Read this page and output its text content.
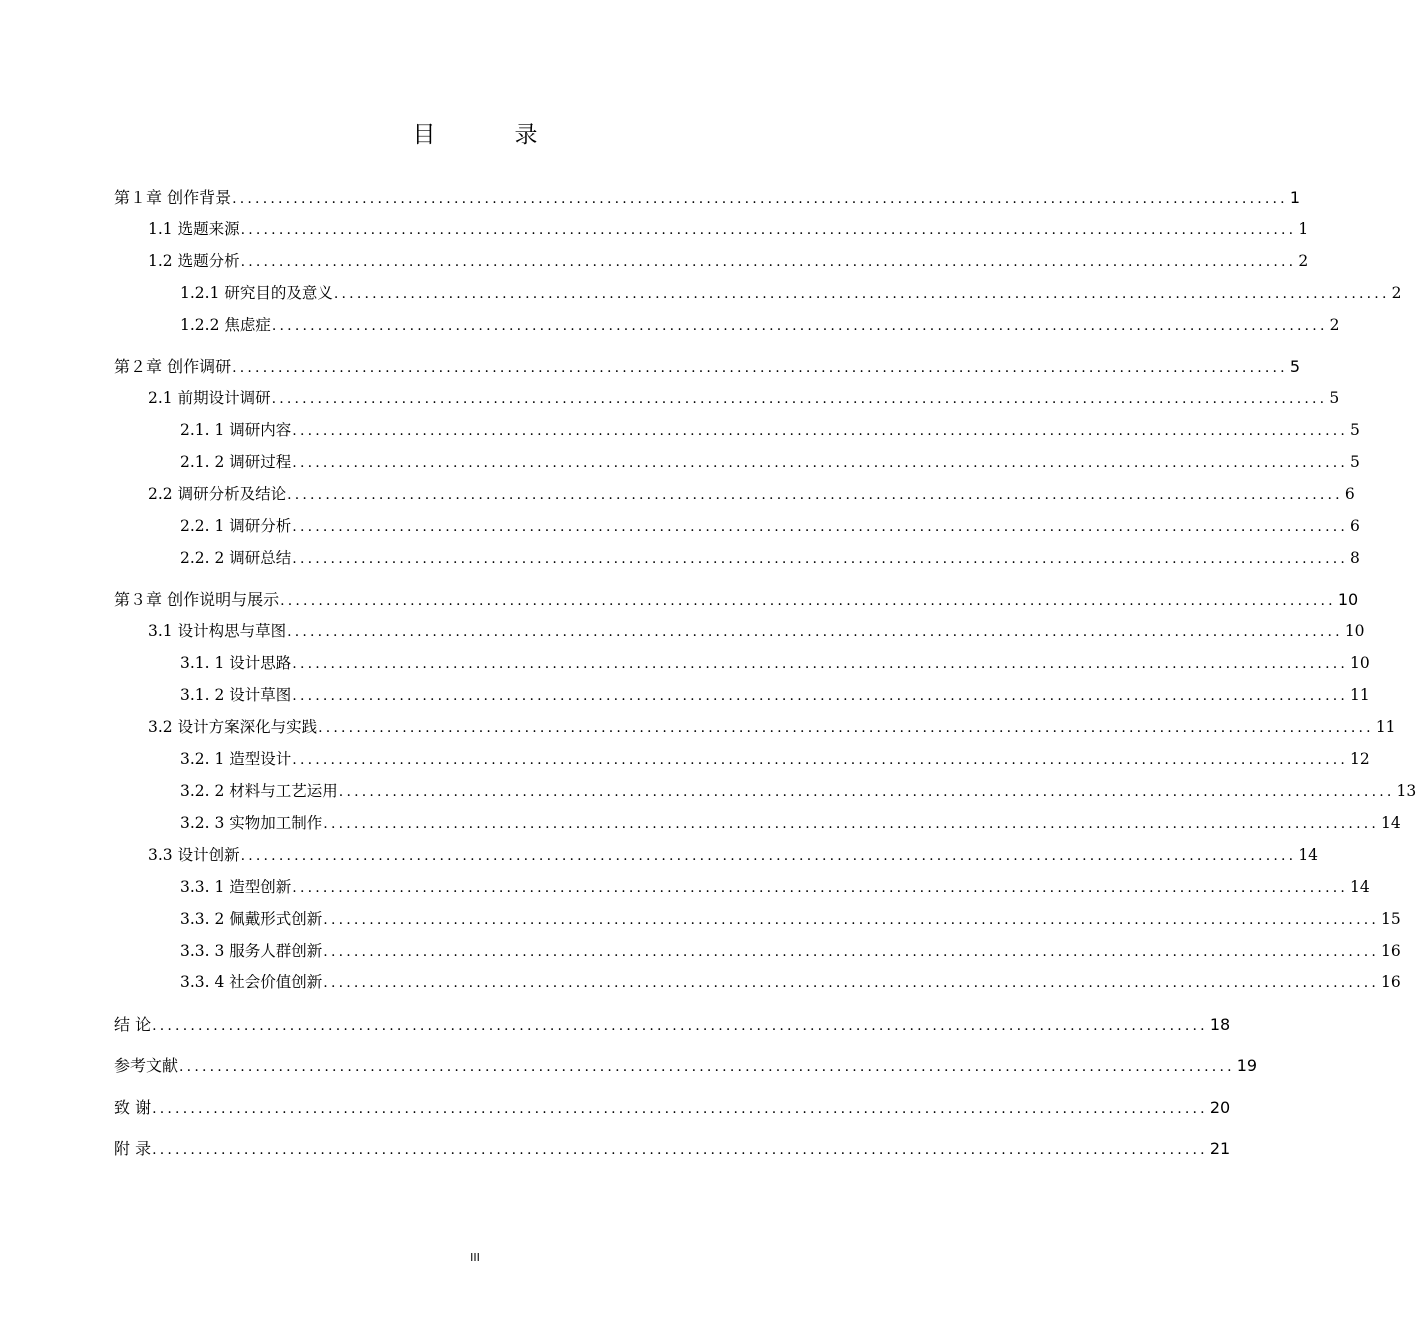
目　录
第１章 创作背景 .......................................................................................................................................... 1
1.1 选题来源 .......................................................................................................................................... 1
1.2 选题分析 .......................................................................................................................................... 2
1.2.1 研究目的及意义 .......................................................................................................................................... 2
1.2.2 焦虑症 .......................................................................................................................................... 2
第２章 创作调研 .......................................................................................................................................... 5
2.1 前期设计调研 .......................................................................................................................................... 5
2.1. 1 调研内容 .......................................................................................................................................... 5
2.1. 2 调研过程 .......................................................................................................................................... 5
2.2 调研分析及结论 .......................................................................................................................................... 6
2.2. 1 调研分析 .......................................................................................................................................... 6
2.2. 2 调研总结 .......................................................................................................................................... 8
第３章 创作说明与展示 .......................................................................................................................................... 10
3.1 设计构思与草图 .......................................................................................................................................... 10
3.1. 1 设计思路 .......................................................................................................................................... 10
3.1. 2 设计草图 .......................................................................................................................................... 11
3.2 设计方案深化与实践 .......................................................................................................................................... 11
3.2. 1 造型设计 .......................................................................................................................................... 12
3.2. 2 材料与工艺运用 .......................................................................................................................................... 13
3.2. 3 实物加工制作 .......................................................................................................................................... 14
3.3 设计创新 .......................................................................................................................................... 14
3.3. 1 造型创新 .......................................................................................................................................... 14
3.3. 2 佩戴形式创新 .......................................................................................................................................... 15
3.3. 3 服务人群创新 .......................................................................................................................................... 16
3.3. 4 社会价值创新 .......................................................................................................................................... 16
结 论 .......................................................................................................................................... 18
参考文献 .......................................................................................................................................... 19
致 谢 .......................................................................................................................................... 20
附 录 .......................................................................................................................................... 21
III
